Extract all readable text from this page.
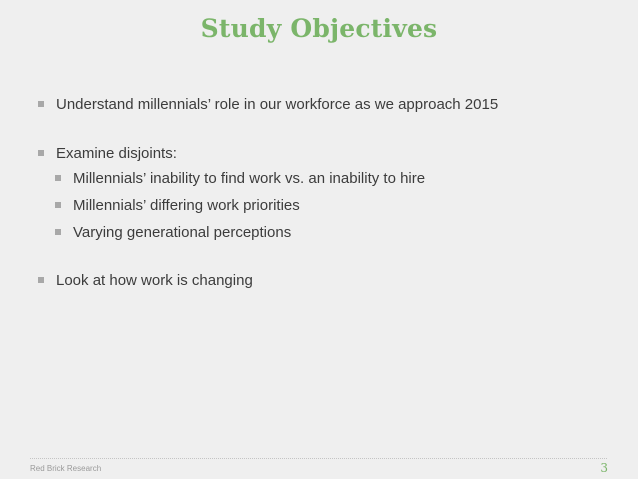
Study Objectives
Understand millennials’ role in our workforce as we approach 2015
Examine disjoints:
Millennials’ inability to find work vs. an inability to hire
Millennials’ differing work priorities
Varying generational perceptions
Look at how work is changing
Red Brick Research	3
